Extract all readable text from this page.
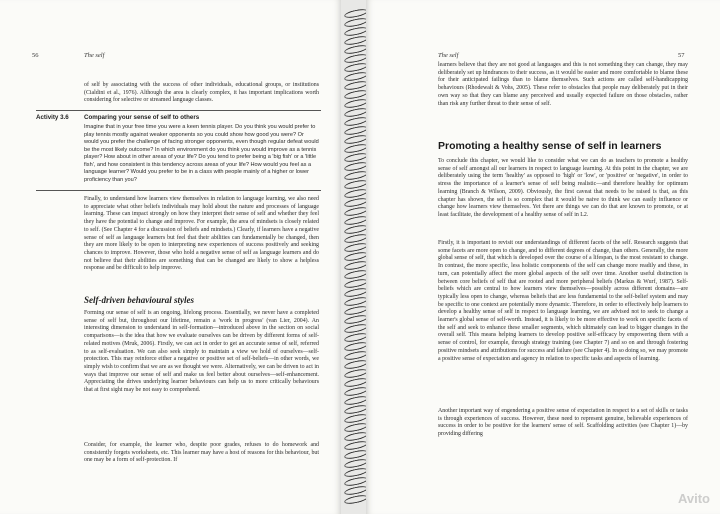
56	The self

of self by associating with the success of other individuals, educational groups, or institutions (Cialdini et al., 1976). Although the area is clearly complex, it has important implications worth considering for selective or streamed language classes.

Activity 3.6 Comparing your sense of self to others

Imagine that in your free time you were a keen tennis player. Do you think you would prefer to play tennis mostly against weaker opponents so you could show how good you were? Or would you prefer the challenge of facing stronger opponents, even though regular defeat would be the most likely outcome? In which environment do you think you would improve as a tennis player? How about in other areas of your life? Do you tend to prefer being a 'big fish' or a 'little fish', and how consistent is this tendency across areas of your life? How would you feel as a language learner? Would you prefer to be in a class with people mainly of a higher or lower proficiency than you?

Finally, to understand how learners view themselves in relation to language learning, we also need to appreciate what other beliefs individuals may hold about the nature and processes of language learning. These can impact strongly on how they interpret their sense of self and whether they feel they have the potential to change and improve. For example, the area of mindsets is closely related to self. (See Chapter 4 for a discussion of beliefs and mindsets.) Clearly, if learners have a negative sense of self as language learners but feel that their abilities can fundamentally be changed, then they are more likely to be open to interpreting new experiences of success positively and seeking chances to improve. However, those who hold a negative sense of self as language learners and do not believe that their abilities are something that can be changed are likely to show a helpless response and be difficult to help improve.

Self-driven behavioural styles

Forming our sense of self is an ongoing, lifelong process. Essentially, we never have a completed sense of self but, throughout our lifetime, remain a 'work in progress' (van Lier, 2004). An interesting dimension to understand in self-formation—introduced above in the section on social comparisons—is the idea that how we evaluate ourselves can be driven by different forms of self-related motives (Mruk, 2006). Firstly, we can act in order to get an accurate sense of self, referred to as self-evaluation. We can also seek simply to maintain a view we hold of ourselves—self-protection. This may reinforce either a negative or positive set of self-beliefs—in other words, we simply wish to confirm that we are as we thought we were. Alternatively, we can be driven to act in ways that improve our sense of self and make us feel better about ourselves—self-enhancement. Appreciating the drives underlying learner behaviours can help us to more critically behaviours that at first sight may be not easy to comprehend.

Consider, for example, the learner who, despite poor grades, refuses to do homework and consistently forgets worksheets, etc. This learner may have a host of reasons for this behaviour, but one may be a form of self-protection. If

The self	57

learners believe that they are not good at languages and this is not something they can change, they may deliberately set up hindrances to their success, as it would be easier and more comfortable to blame these for their anticipated failings than to blame themselves. Such actions are called self-handicapping behaviours (Rhodewalt & Vohs, 2005). These refer to obstacles that people may deliberately put in their own way so that they can blame any perceived and usually expected failure on those obstacles, rather than risk any further threat to their sense of self.

Promoting a healthy sense of self in learners

To conclude this chapter, we would like to consider what we can do as teachers to promote a healthy sense of self amongst all our learners in respect to language learning. At this point in the chapter, we are deliberately using the term 'healthy' as opposed to 'high' or 'low', or 'positive' or 'negative', in order to stress the importance of a learner's sense of self being realistic—and therefore healthy for optimum learning (Branch & Wilson, 2009). Obviously, the first caveat that needs to be raised is that, as this chapter has shown, the self is so complex that it would be naive to think we can easily influence or change how learners view themselves. Yet there are things we can do that are known to promote, or at least facilitate, the development of a healthy sense of self in L2.

Firstly, it is important to revisit our understandings of different facets of the self. Research suggests that some facets are more open to change, and to different degrees of change, than others. Generally, the more global sense of self, that which is developed over the course of a lifespan, is the most resistant to change. In contrast, the more specific, less holistic components of the self can change more readily and these, in turn, can potentially affect the more global aspects of the self over time. Another useful distinction is between core beliefs of self that are rooted and more peripheral beliefs (Markus & Wurf, 1987). Self-beliefs which are central to how learners view themselves—possibly across different domains—are typically less open to change, whereas beliefs that are less fundamental to the self-belief system and may be specific to one context are potentially more dynamic. Therefore, in order to effectively help learners to develop a healthy sense of self in respect to language learning, we are advised not to seek to change a learner's global sense of self-worth. Instead, it is likely to be more effective to work on specific facets of the self and seek to enhance these smaller segments, which ultimately can lead to bigger changes in the overall self. This means helping learners to develop positive self-efficacy by empowering them with a sense of control, for example, through strategy training (see Chapter 7) and so on and through fostering positive mindsets and attributions for success and failure (see Chapter 4). In so doing so, we may promote a positive sense of expectation and agency in relation to specific tasks and aspects of learning.

Another important way of engendering a positive sense of expectation in respect to a set of skills or tasks is through experiences of success. However, these need to represent genuine, believable experiences of success in order to be positive for the learners' sense of self. Scaffolding activities (see Chapter 1)—by providing differing

Avito
